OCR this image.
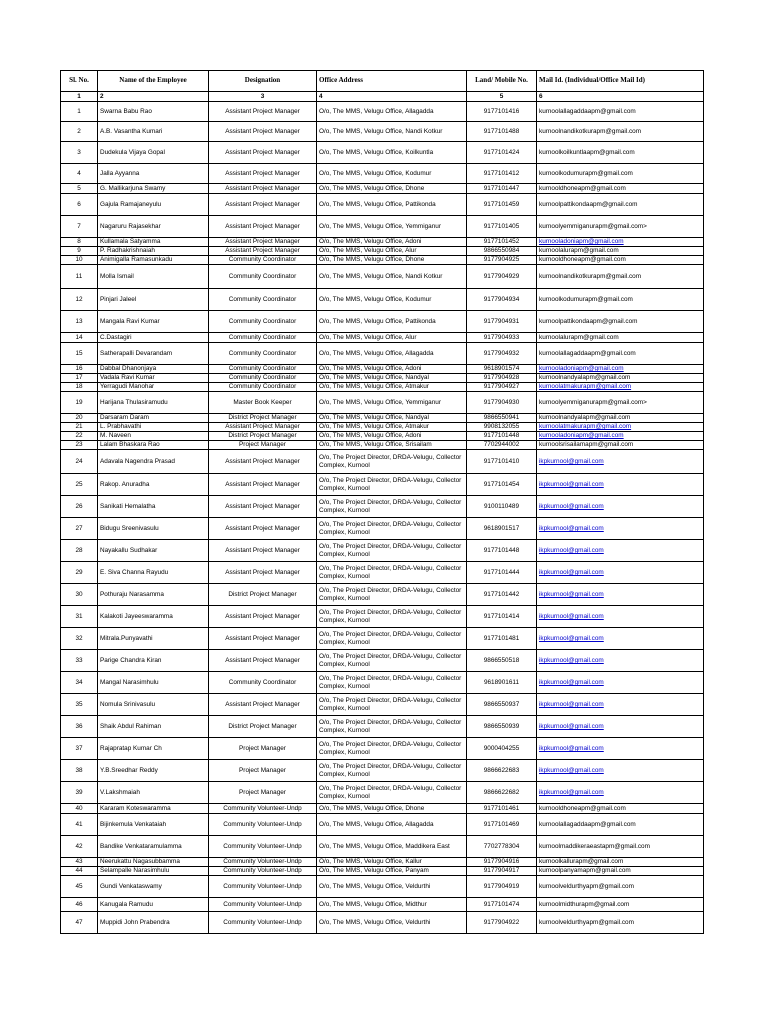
Sl. No.	Name of the Employee	Designation	Office Address	Land/ Mobile No.	Mail Id. (Individual/Office Mail Id)
1	2	3	4	5	6
1	Swarna Babu Rao	Assistant Project Manager	O/o, The MMS, Velugu Office, Allagadda	9177101416	kurnoolallagaddaapm@gmail.com
2	A.B. Vasantha Kumari	Assistant Project Manager	O/o, The MMS, Velugu Office, Nandi Kotkur	9177101488	kurnoolnandikotkurapm@gmail.com
3	Dudekula Vijaya Gopal	Assistant Project Manager	O/o, The MMS, Velugu Office, Koilkuntla	9177101424	kurnoolkoilkuntlaapm@gmail.com
4	Jalla Ayyanna	Assistant Project Manager	O/o, The MMS, Velugu Office, Kodumur	9177101412	kurnoolkodumurapm@gmail.com
5	G. Mallikarjuna Swamy	Assistant Project Manager	O/o, The MMS, Velugu Office, Dhone	9177101447	kurnooldhoneapm@gmail.com
6	Gajula Ramajaneyulu	Assistant Project Manager	O/o, The MMS, Velugu Office, Pattikonda	9177101459	kurnoolpattikondaapm@gmail.com
7	Nagaruru Rajasekhar	Assistant Project Manager	O/o, The MMS, Velugu Office, Yemmiganur	9177101405	kurnoolyemmiganurapm@gmail.com>
8	Kullamala Satyamma	Assistant Project Manager	O/o, The MMS, Velugu Office, Adoni	9177101452	kurnooladoniapm@gmail.com
9	P. Radhakrishnaiah	Assistant Project Manager	O/o, The MMS, Velugu Office, Alur	9866550984	kurnoolalurapm@gmail.com
10	Animigalla Ramasunkadu	Community Coordinator	O/o, The MMS, Velugu Office, Dhone	9177904925	kurnooldhoneapm@gmail.com
11	Molla Ismail	Community Coordinator	O/o, The MMS, Velugu Office, Nandi Kotkur	9177904929	kurnoolnandikotkurapm@gmail.com
12	Pinjari Jaleel	Community Coordinator	O/o, The MMS, Velugu Office, Kodumur	9177904934	kurnoolkodumurapm@gmail.com
13	Mangala Ravi Kumar	Community Coordinator	O/o, The MMS, Velugu Office, Pattikonda	9177904931	kurnoolpattikondaapm@gmail.com
14	C.Dastagiri	Community Coordinator	O/o, The MMS, Velugu Office, Alur	9177904933	kurnoolalurapm@gmail.com
15	Satherapalli Devarandam	Community Coordinator	O/o, The MMS, Velugu Office, Allagadda	9177904932	kurnoolallagaddaapm@gmail.com
16	Dabbal Dhanonjaya	Community Coordinator	O/o, The MMS, Velugu Office, Adoni	9618901574	kurnooladoniapm@gmail.com
17	Vadala Ravi Kumar	Community Coordinator	O/o, The MMS, Velugu Office, Nandyal	9177904928	kurnoolnandyalapm@gmail.com
18	Yerragudi Manohar	Community Coordinator	O/o, The MMS, Velugu Office, Atmakur	9177904927	kurnoolatmakurapm@gmail.com
19	Harijana Thulasiramudu	Master Book Keeper	O/o, The MMS, Velugu Office, Yemmiganur	9177904930	kurnoolyemmiganurapm@gmail.com>
20	Darsaram Daram	District Project Manager	O/o, The MMS, Velugu Office, Nandyal	9866550941	kurnoolnandyalapm@gmail.com
21	L. Prabhavathi	Assistant Project Manager	O/o, The MMS, Velugu Office, Atmakur	9908132055	kurnoolatmakurapm@gmail.com
22	M. Naveen	District Project Manager	O/o, The MMS, Velugu Office, Adoni	9177101448	kurnooladoniapm@gmail.com
23	Lalam Bhaskara Rao	Project Manager	O/o, The MMS, Velugu Office, Srisailam	7702944002	kurnoolsrisailamapm@gmail.com
24	Adavala Nagendra Prasad	Assistant Project Manager	O/o, The Project Director, DRDA-Velugu, Collector Complex, Kurnool	9177101410	ikpkurnool@gmail.com
25	Rakop. Anuradha	Assistant Project Manager	O/o, The Project Director, DRDA-Velugu, Collector Complex, Kurnool	9177101454	ikpkurnool@gmail.com
26	Sanikati Hemalatha	Assistant Project Manager	O/o, The Project Director, DRDA-Velugu, Collector Complex, Kurnool	9100110489	ikpkurnool@gmail.com
27	Bidugu Sreenivasulu	Assistant Project Manager	O/o, The Project Director, DRDA-Velugu, Collector Complex, Kurnool	9618901517	ikpkurnool@gmail.com
28	Nayakallu Sudhakar	Assistant Project Manager	O/o, The Project Director, DRDA-Velugu, Collector Complex, Kurnool	9177101448	ikpkurnool@gmail.com
29	E. Siva Channa Rayudu	Assistant Project Manager	O/o, The Project Director, DRDA-Velugu, Collector Complex, Kurnool	9177101444	ikpkurnool@gmail.com
30	Pothuraju Narasamma	District Project Manager	O/o, The Project Director, DRDA-Velugu, Collector Complex, Kurnool	9177101442	ikpkurnool@gmail.com
31	Kalakoti Jayeeswaramma	Assistant Project Manager	O/o, The Project Director, DRDA-Velugu, Collector Complex, Kurnool	9177101414	ikpkurnool@gmail.com
32	Mitrala.Punyavathi	Assistant Project Manager	O/o, The Project Director, DRDA-Velugu, Collector Complex, Kurnool	9177101481	ikpkurnool@gmail.com
33	Parige Chandra Kiran	Assistant Project Manager	O/o, The Project Director, DRDA-Velugu, Collector Complex, Kurnool	9866550518	ikpkurnool@gmail.com
34	Mangal Narasimhulu	Community Coordinator	O/o, The Project Director, DRDA-Velugu, Collector Complex, Kurnool	9618901611	ikpkurnool@gmail.com
35	Nomula Srinivasulu	Assistant Project Manager	O/o, The Project Director, DRDA-Velugu, Collector Complex, Kurnool	9866550937	ikpkurnool@gmail.com
36	Shaik Abdul Rahiman	District Project Manager	O/o, The Project Director, DRDA-Velugu, Collector Complex, Kurnool	9866550939	ikpkurnool@gmail.com
37	Rajapratap Kumar Ch	Project Manager	O/o, The Project Director, DRDA-Velugu, Collector Complex, Kurnool	9000404255	ikpkurnool@gmail.com
38	Y.B.Sreedhar Reddy	Project Manager	O/o, The Project Director, DRDA-Velugu, Collector Complex, Kurnool	9866622683	ikpkurnool@gmail.com
39	V.Lakshmaiah	Project Manager	O/o, The Project Director, DRDA-Velugu, Collector Complex, Kurnool	9866622682	ikpkurnool@gmail.com
40	Kararam Koteswaramma	Community Volunteer-Undp	O/o, The MMS, Velugu Office, Dhone	9177101461	kurnooldhoneapm@gmail.com
41	Bijinkemula Venkataiah	Community Volunteer-Undp	O/o, The MMS, Velugu Office, Allagadda	9177101469	kurnoolallagaddaapm@gmail.com
42	Bandike Venkataramulamma	Community Volunteer-Undp	O/o, The MMS, Velugu Office, Maddikera East	7702778304	kurnoolmaddikeraeastapm@gmail.com
43	Neerukattu Nagasubbamma	Community Volunteer-Undp	O/o, The MMS, Velugu Office, Kallur	9177904916	kurnoolkallurapm@gmail.com
44	Selampalle Narasimhulu	Community Volunteer-Undp	O/o, The MMS, Velugu Office, Panyam	9177904917	kurnoolpanyamapm@gmail.com
45	Gundi Venkataswamy	Community Volunteer-Undp	O/o, The MMS, Velugu Office, Veldurthi	9177904919	kurnoolveldurthyapm@gmail.com
46	Kanugala Ramudu	Community Volunteer-Undp	O/o, The MMS, Velugu Office, Midthur	9177101474	kurnoolmidthurapm@gmail.com
47	Muppidi John Prabendra	Community Volunteer-Undp	O/o, The MMS, Velugu Office, Veldurthi	9177904922	kurnoolveldurthyapm@gmail.com
